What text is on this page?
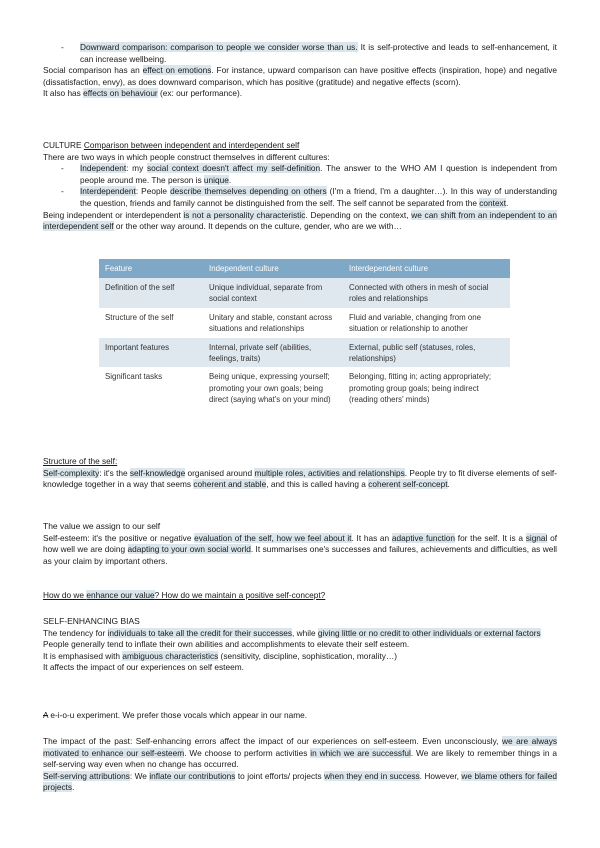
- Downward comparison: comparison to people we consider worse than us. It is self-protective and leads to self-enhancement, it can increase wellbeing.

Social comparison has an effect on emotions. For instance, upward comparison can have positive effects (inspiration, hope) and negative (dissatisfaction, envy), as does downward comparison, which has positive (gratitude) and negative effects (scorn).

It also has effects on behaviour (ex: our performance).

CULTURE Comparison between independent and interdependent self

There are two ways in which people construct themselves in different cultures:

- Independent: my social context doesn't affect my self-definition. The answer to the WHO AM I question is independent from people around me. The person is unique.

- Interdependent: People describe themselves depending on others (I'm a friend, I'm a daughter…). In this way of understanding the question, friends and family cannot be distinguished from the self. The self cannot be separated from the context.

Being independent or interdependent is not a personality characteristic. Depending on the context, we can shift from an independent to an interdependent self or the other way around. It depends on the culture, gender, who are we with…

Feature	Independent culture	Interdependent culture
Definition of the self	Unique individual, separate from social context	Connected with others in mesh of social roles and relationships
Structure of the self	Unitary and stable, constant across situations and relationships	Fluid and variable, changing from one situation or relationship to another
Important features	Internal, private self (abilities, feelings, traits)	External, public self (statuses, roles, relationships)
Significant tasks	Being unique, expressing yourself; promoting your own goals; being direct (saying what's on your mind)	Belonging, fitting in; acting appropriately; promoting group goals; being indirect (reading others' minds)

Structure of the self:

Self-complexity: it's the self-knowledge organised around multiple roles, activities and relationships. People try to fit diverse elements of self-knowledge together in a way that seems coherent and stable, and this is called having a coherent self-concept.

The value we assign to our self

Self-esteem: it's the positive or negative evaluation of the self, how we feel about it. It has an adaptive function for the self. It is a signal of how well we are doing adapting to your own social world. It summarises one's successes and failures, achievements and difficulties, as well as your claim by important others.

How do we enhance our value? How do we maintain a positive self-concept?

SELF-ENHANCING BIAS

The tendency for individuals to take all the credit for their successes, while giving little or no credit to other individuals or external factors

People generally tend to inflate their own abilities and accomplishments to elevate their self esteem.

It is emphasised with ambiguous characteristics (sensitivity, discipline, sophistication, morality…)

It affects the impact of our experiences on self esteem.

A e-i-o-u experiment. We prefer those vocals which appear in our name.

The impact of the past: Self-enhancing errors affect the impact of our experiences on self-esteem. Even unconsciously, we are always motivated to enhance our self-esteem. We choose to perform activities in which we are successful. We are likely to remember things in a self-serving way even when no change has occurred.

Self-serving attributions: We inflate our contributions to joint efforts/ projects when they end in success. However, we blame others for failed projects.
